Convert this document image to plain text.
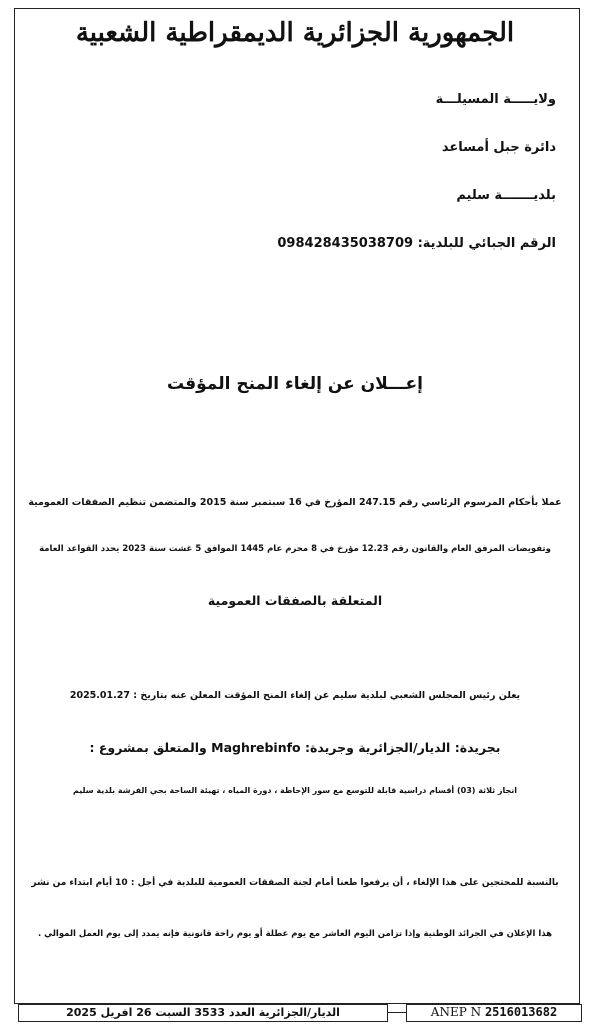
الجمهورية الجزائرية الديمقراطية الشعبية
ولايـــــة المسيلـــة
دائرة جبل أمساعد
بلديـــــــة سليم
الرقم الجبائي للبلدية: 098428435038709
إعـــلان عن إلغاء المنح المؤقت
عملا بأحكام المرسوم الرئاسي رقم 247.15 المؤرخ في 16 سبتمبر سنة 2015 والمتضمن تنظيم الصفقات العمومية
وتفويضات المرفق العام والقانون رقم 12.23 مؤرخ في 8 محرم عام 1445 الموافق 5 غشت سنة 2023 يحدد القواعد العامة
المتعلقة بالصفقات العمومية
يعلن رئيس المجلس الشعبي لبلدية سليم عن إلغاء المنح المؤقت المعلن عنه بتاريخ : 2025.01.27
بجريدة: الديار/الجزائرية وجريدة: Maghrebinfo والمتعلق بمشروع :
انجاز ثلاثة (03) أقسام دراسية قابلة للتوسع مع سور الإحاطة ، دورة المياه ، تهيئة الساحة بحي الفرشة بلدية سليم
بالنسبة للمحتجين على هذا الإلغاء ، أن يرفعوا طعنا أمام لجنة الصفقات العمومية للبلدية في أجل : 10 أيام ابتداء من نشر
هذا الإعلان في الجرائد الوطنية وإذا تزامن اليوم العاشر مع يوم عطلة أو يوم راحة قانونية فإنه يمدد إلى يوم العمل الموالي .
الديار/الجزائرية العدد 3533 السبت 26 افريل 2025	ANEP N 2516013682
